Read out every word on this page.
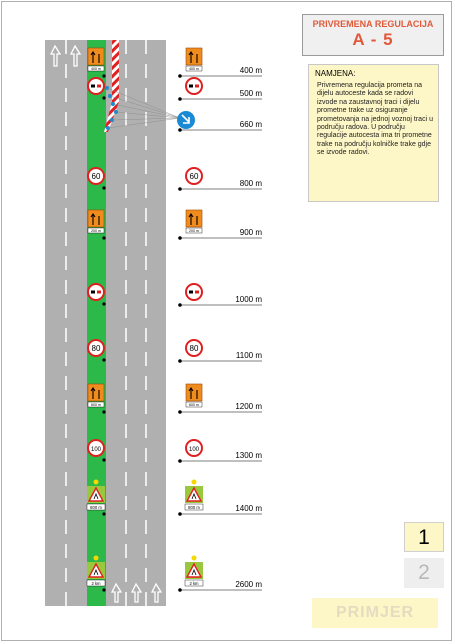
400 m	400 m
60	60
200 m	200 m
80	80
600 m	600 m
100	100
800 m	800 m
2 km	2 km
PRIVREMENA REGULACIJA
A - 5
NAMJENA:
Privremena regulacija prometa na dijelu autoceste kada se radovi izvode na zaustavnoj traci i dijelu prometne trake uz osiguranje prometovanja na jednoj voznoj traci u području radova. U području regulacije autocesta ima tri prometne trake na području kolničke trake gdje se izvode radovi.
400 m
500 m
660 m
800 m
900 m
1000 m
1100 m
1200 m
1300 m
1400 m
2600 m
1
2
PRIMJER
